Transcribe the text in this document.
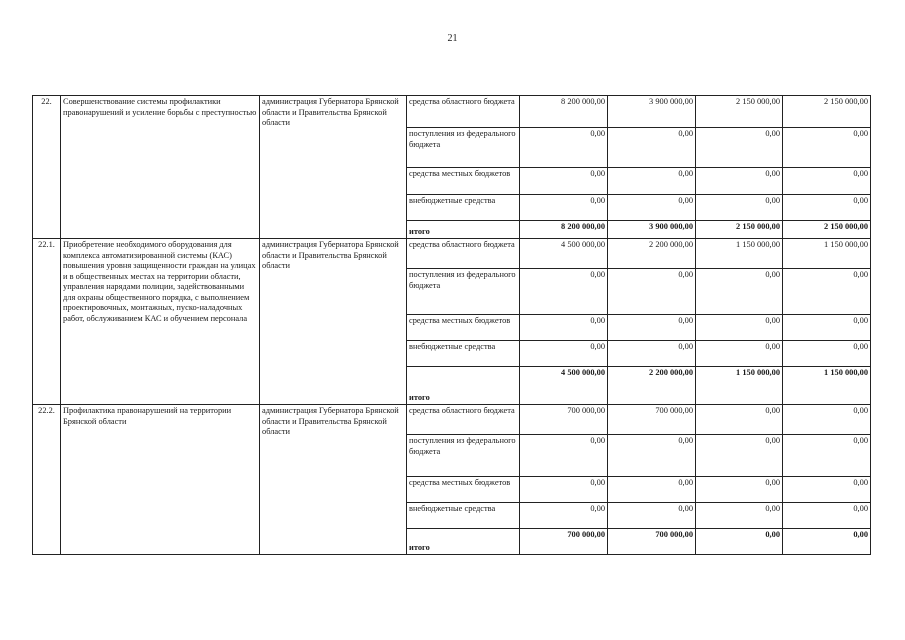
21
22.	Совершенствование системы профилактики правонарушений и усиление борьбы с преступностью	администрация Губернатора Брянской области и Правительства Брянской области	средства областного бюджета	8 200 000,00	3 900 000,00	2 150 000,00	2 150 000,00
			поступления из федерального бюджета	0,00	0,00	0,00	0,00
			средства местных бюджетов	0,00	0,00	0,00	0,00
			внебюджетные средства	0,00	0,00	0,00	0,00
			итого	8 200 000,00	3 900 000,00	2 150 000,00	2 150 000,00
22.1.	Приобретение необходимого оборудования для комплекса автоматизированной системы (КАС) повышения уровня защищенности граждан на улицах и в общественных местах на территории области, управления нарядами полиции, задействованными для охраны общественного порядка, с выполнением проектировочных, монтажных, пуско-наладочных работ, обслуживанием КАС и обучением персонала	администрация Губернатора Брянской области и Правительства Брянской области	средства областного бюджета	4 500 000,00	2 200 000,00	1 150 000,00	1 150 000,00
			поступления из федерального бюджета	0,00	0,00	0,00	0,00
			средства местных бюджетов	0,00	0,00	0,00	0,00
			внебюджетные средства	0,00	0,00	0,00	0,00
			итого	4 500 000,00	2 200 000,00	1 150 000,00	1 150 000,00
22.2.	Профилактика правонарушений на территории Брянской области	администрация Губернатора Брянской области и Правительства Брянской области	средства областного бюджета	700 000,00	700 000,00	0,00	0,00
			поступления из федерального бюджета	0,00	0,00	0,00	0,00
			средства местных бюджетов	0,00	0,00	0,00	0,00
			внебюджетные средства	0,00	0,00	0,00	0,00
			итого	700 000,00	700 000,00	0,00	0,00
